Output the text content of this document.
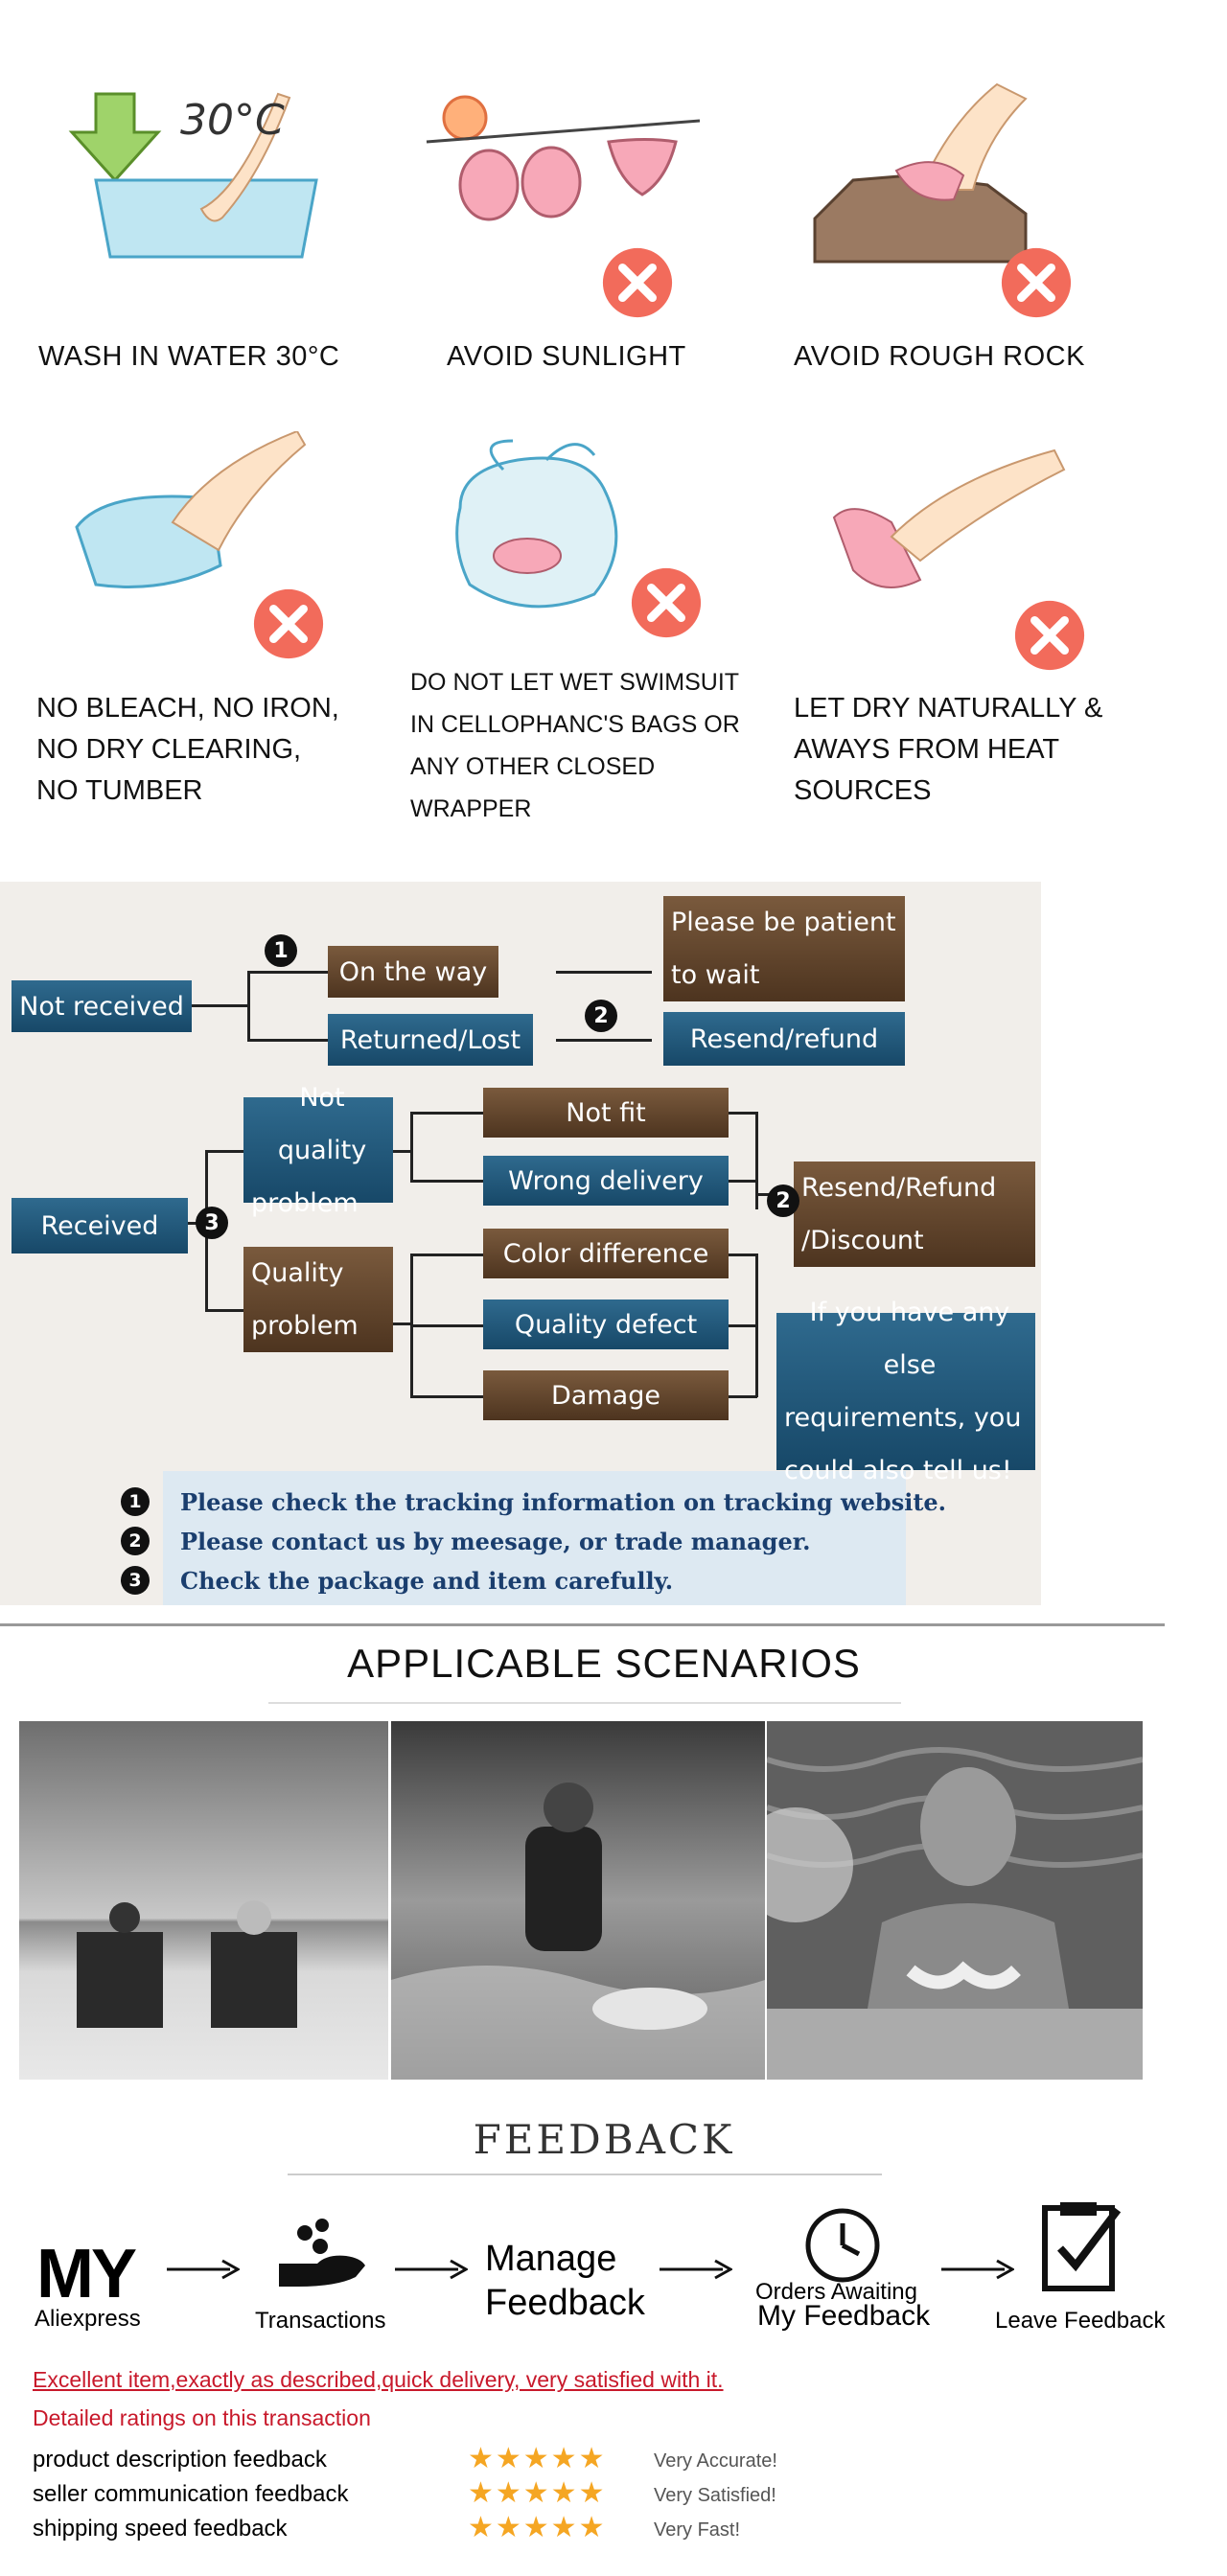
30°C
WASH IN WATER 30°C	AVOID SUNLIGHT	AVOID ROUGH ROCK
NO BLEACH, NO IRON,
NO DRY CLEARING,
NO TUMBER
DO NOT LET WET SWIMSUIT
IN CELLOPHANC'S BAGS OR
ANY OTHER CLOSED
WRAPPER
LET DRY NATURALLY &
AWAYS FROM HEAT
SOURCES
Not received
On the way
Returned/Lost
Please be patient
to wait
Resend/refund
Received
Not quality
problem
Quality
problem
Not fit
Wrong delivery
Color difference
Quality defect
Damage
Resend/Refund
/Discount
If you have any else
requirements, you
could also tell us!
1
2
3
2
1	Please check the tracking information on tracking website.
2	Please contact us by meesage, or trade manager.
3	Check the package and item carefully.
APPLICABLE SCENARIOS
FEEDBACK
MY
Aliexpress	Transactions
Manage
Feedback	Orders Awaiting
My Feedback	Leave Feedback
Excellent item,exactly as described,quick delivery, very satisfied with it.
Detailed ratings on this transaction
product description feedback	★★★★★ Very Accurate!
seller communication feedback	★★★★★ Very Satisfied!
shipping speed feedback	★★★★★ Very Fast!
